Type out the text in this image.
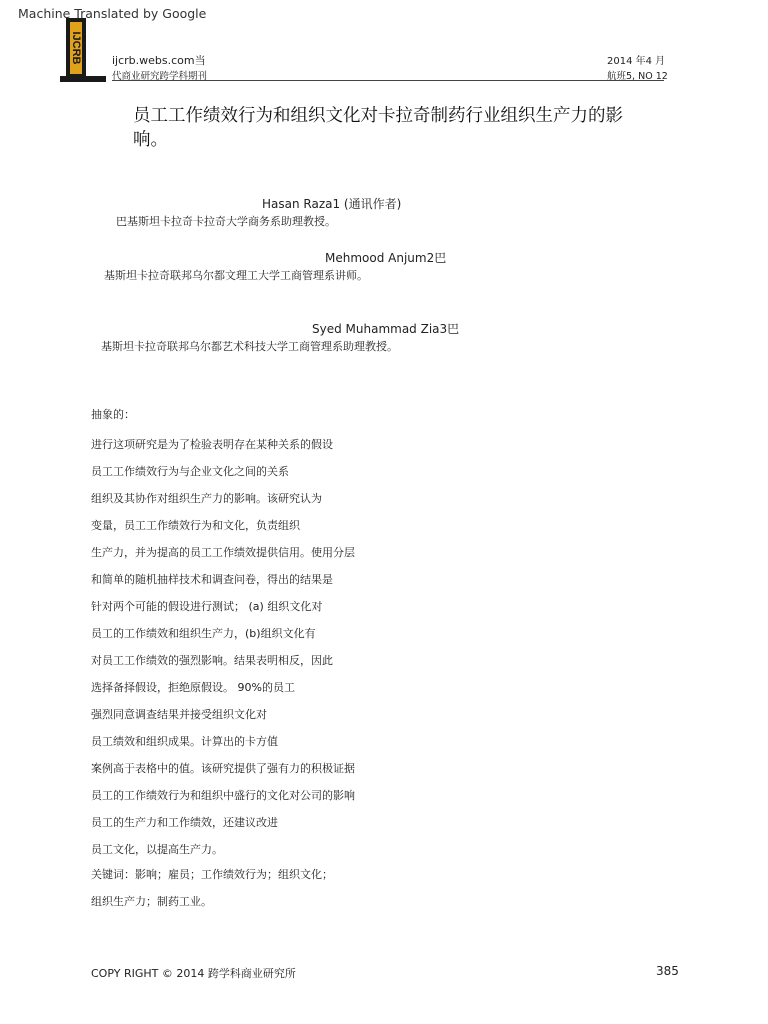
Machine Translated by Google
IJCRB	ijcrb.webs.com当
代商业研究跨学科期刊
2014 年4 月
航班5, NO 12
员工工作绩效行为和组织文化对卡拉奇制药行业组织生产力的影响。
Hasan Raza1 (通讯作者)
巴基斯坦卡拉奇卡拉奇大学商务系助理教授。
Mehmood Anjum2巴
基斯坦卡拉奇联邦乌尔都文理工大学工商管理系讲师。
Syed Muhammad Zia3巴
基斯坦卡拉奇联邦乌尔都艺术科技大学工商管理系助理教授。
抽象的：
进行这项研究是为了检验表明存在某种关系的假设
员工工作绩效行为与企业文化之间的关系
组织及其协作对组织生产力的影响。该研究认为
变量，员工工作绩效行为和文化，负责组织
生产力，并为提高的员工工作绩效提供信用。使用分层
和简单的随机抽样技术和调查问卷，得出的结果是
针对两个可能的假设进行测试； (a) 组织文化对
员工的工作绩效和组织生产力，(b)组织文化有
对员工工作绩效的强烈影响。结果表明相反，因此
选择备择假设，拒绝原假设。 90%的员工
强烈同意调查结果并接受组织文化对
员工绩效和组织成果。计算出的卡方值
案例高于表格中的值。该研究提供了强有力的积极证据
员工的工作绩效行为和组织中盛行的文化对公司的影响
员工的生产力和工作绩效，还建议改进
员工文化，以提高生产力。
关键词：影响；雇员；工作绩效行为；组织文化；
组织生产力；制药工业。
COPY RIGHT © 2014 跨学科商业研究所	385
